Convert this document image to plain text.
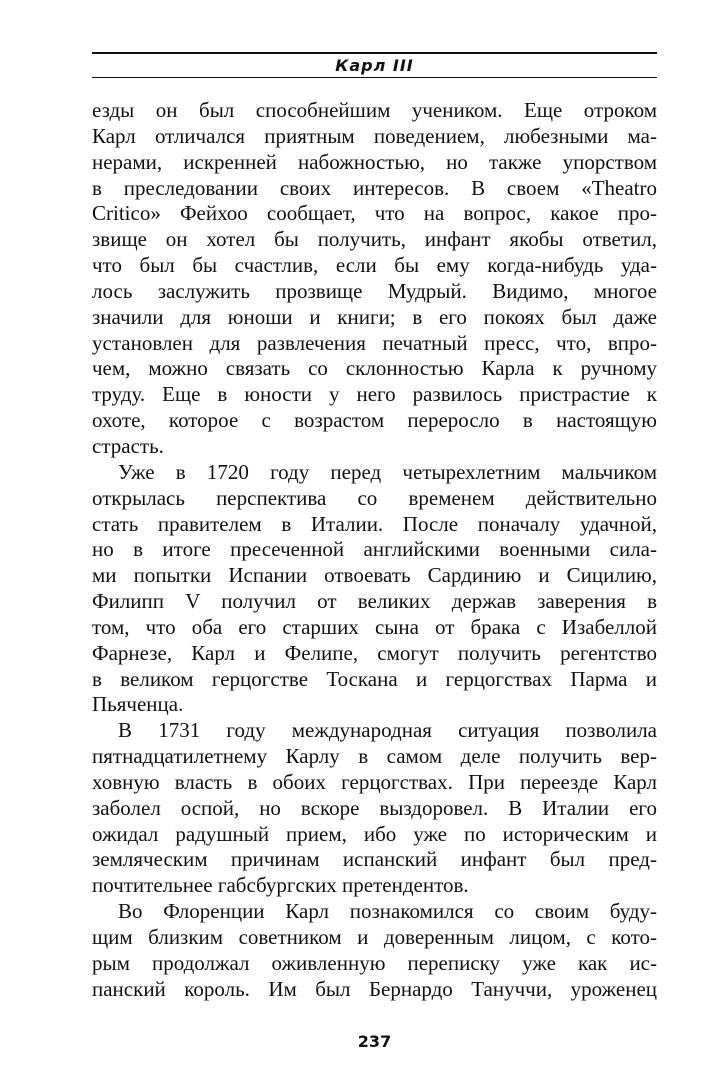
Карл III
езды он был способнейшим учеником. Еще отроком
Карл отличался приятным поведением, любезными ма-
нерами, искренней набожностью, но также упорством
в преследовании своих интересов. В своем «Theatro
Critico» Фейхоо сообщает, что на вопрос, какое про-
звище он хотел бы получить, инфант якобы ответил,
что был бы счастлив, если бы ему когда-нибудь уда-
лось заслужить прозвище Мудрый. Видимо, многое
значили для юноши и книги; в его покоях был даже
установлен для развлечения печатный пресс, что, впро-
чем, можно связать со склонностью Карла к ручному
труду. Еще в юности у него развилось пристрастие к
охоте, которое с возрастом переросло в настоящую
страсть.
Уже в 1720 году перед четырехлетним мальчиком
открылась перспектива со временем действительно
стать правителем в Италии. После поначалу удачной,
но в итоге пресеченной английскими военными сила-
ми попытки Испании отвоевать Сардинию и Сицилию,
Филипп V получил от великих держав заверения в
том, что оба его старших сына от брака с Изабеллой
Фарнезе, Карл и Фелипе, смогут получить регентство
в великом герцогстве Тоскана и герцогствах Парма и
Пьяченца.
В 1731 году международная ситуация позволила
пятнадцатилетнему Карлу в самом деле получить вер-
ховную власть в обоих герцогствах. При переезде Карл
заболел оспой, но вскоре выздоровел. В Италии его
ожидал радушный прием, ибо уже по историческим и
земляческим причинам испанский инфант был пред-
почтительнее габсбургских претендентов.
Во Флоренции Карл познакомился со своим буду-
щим близким советником и доверенным лицом, с кото-
рым продолжал оживленную переписку уже как ис-
панский король. Им был Бернардо Тануччи, уроженец
237
